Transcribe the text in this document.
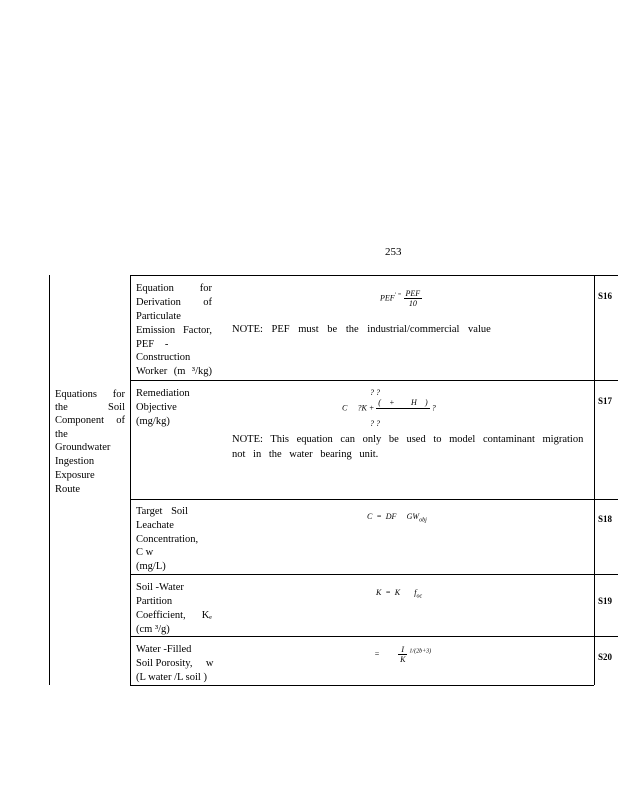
253
Equations for
the Soil
Component of
the
Groundwater
Ingestion
Exposure
Route
Equation for
Derivation of
Particulate
Emission Factor,
PEF  -
Construction
Worker (m ³/kg)
$PEF^{' =} \frac{\text{PEF}}{10}$
NOTE: PEF must be the industrial/commercial value
S16
Remediation
Objective
(mg/kg)
? ?
C   ?K + $\frac{(  +    H  )}{ }$ ?
? ?
NOTE: This equation can only be used to model contaminant migration
not in the water bearing unit.
S17
Target Soil
Leachate
Concentration,
C w
(mg/L)
C = DF $ GW_{obj}$	S18
Soil -Water
Partition
Coefficient, Kₑ
(cm ³/g)
K = K   $f_{oc}$	S19
Water -Filled
Soil Porosity,   w
(L water /L soil )
  =     $\frac{I}{K} ^{1/(2b+3)}$
S20
